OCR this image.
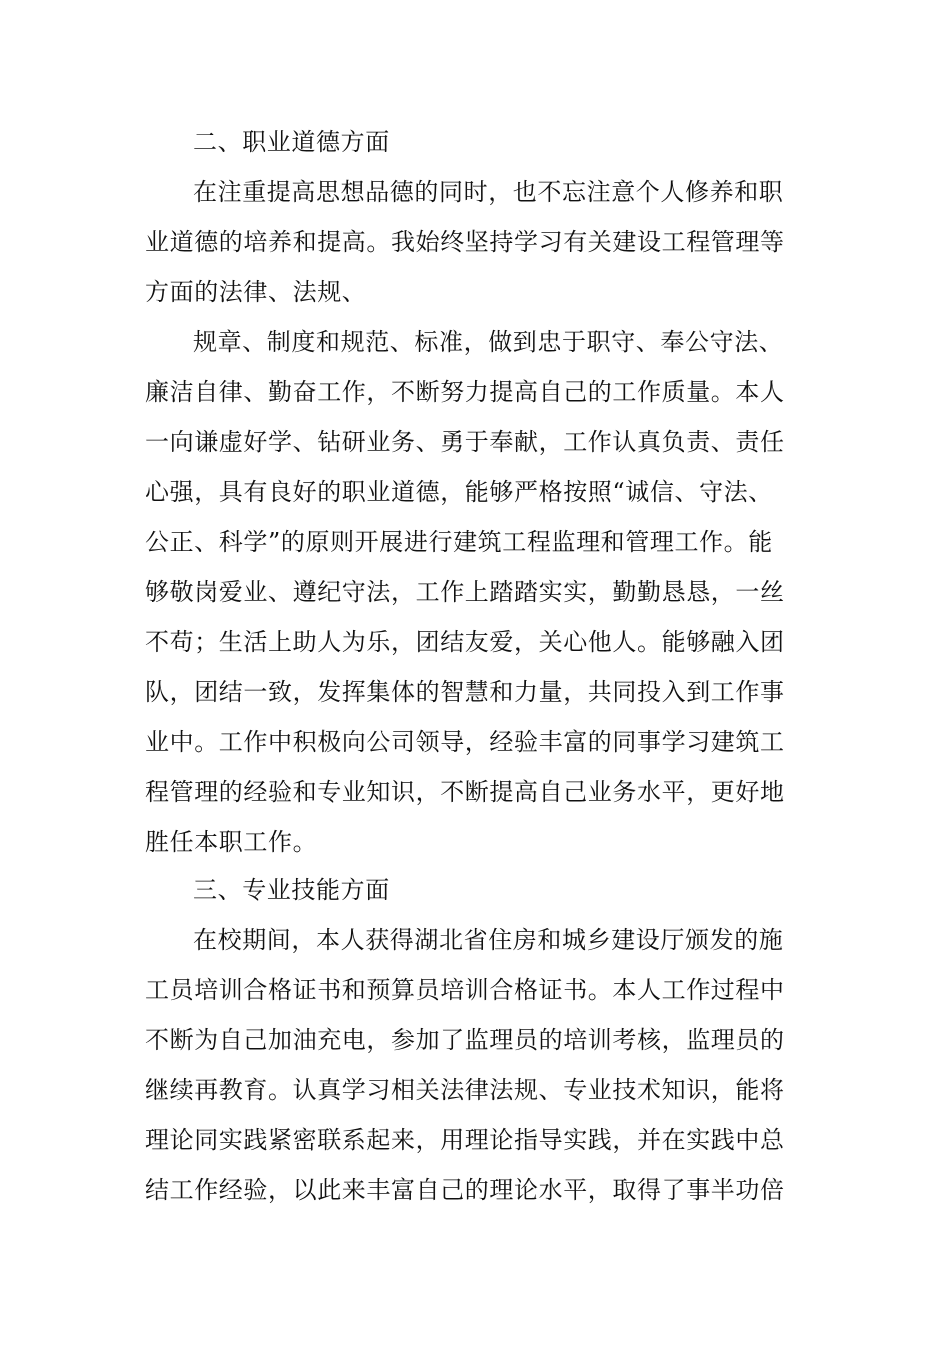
二、职业道德方面
在注重提高思想品德的同时，也不忘注意个人修养和职
业道德的培养和提高。我始终坚持学习有关建设工程管理等
方面的法律、法规、
规章、制度和规范、标准，做到忠于职守、奉公守法、
廉洁自律、勤奋工作，不断努力提高自己的工作质量。本人
一向谦虚好学、钻研业务、勇于奉献，工作认真负责、责任
心强，具有良好的职业道德，能够严格按照“诚信、守法、
公正、科学”的原则开展进行建筑工程监理和管理工作。能
够敬岗爱业、遵纪守法，工作上踏踏实实，勤勤恳恳，一丝
不苟；生活上助人为乐，团结友爱，关心他人。能够融入团
队，团结一致，发挥集体的智慧和力量，共同投入到工作事
业中。工作中积极向公司领导，经验丰富的同事学习建筑工
程管理的经验和专业知识，不断提高自己业务水平，更好地
胜任本职工作。
三、专业技能方面
在校期间，本人获得湖北省住房和城乡建设厅颁发的施
工员培训合格证书和预算员培训合格证书。本人工作过程中
不断为自己加油充电，参加了监理员的培训考核，监理员的
继续再教育。认真学习相关法律法规、专业技术知识，能将
理论同实践紧密联系起来，用理论指导实践，并在实践中总
结工作经验，以此来丰富自己的理论水平，取得了事半功倍
